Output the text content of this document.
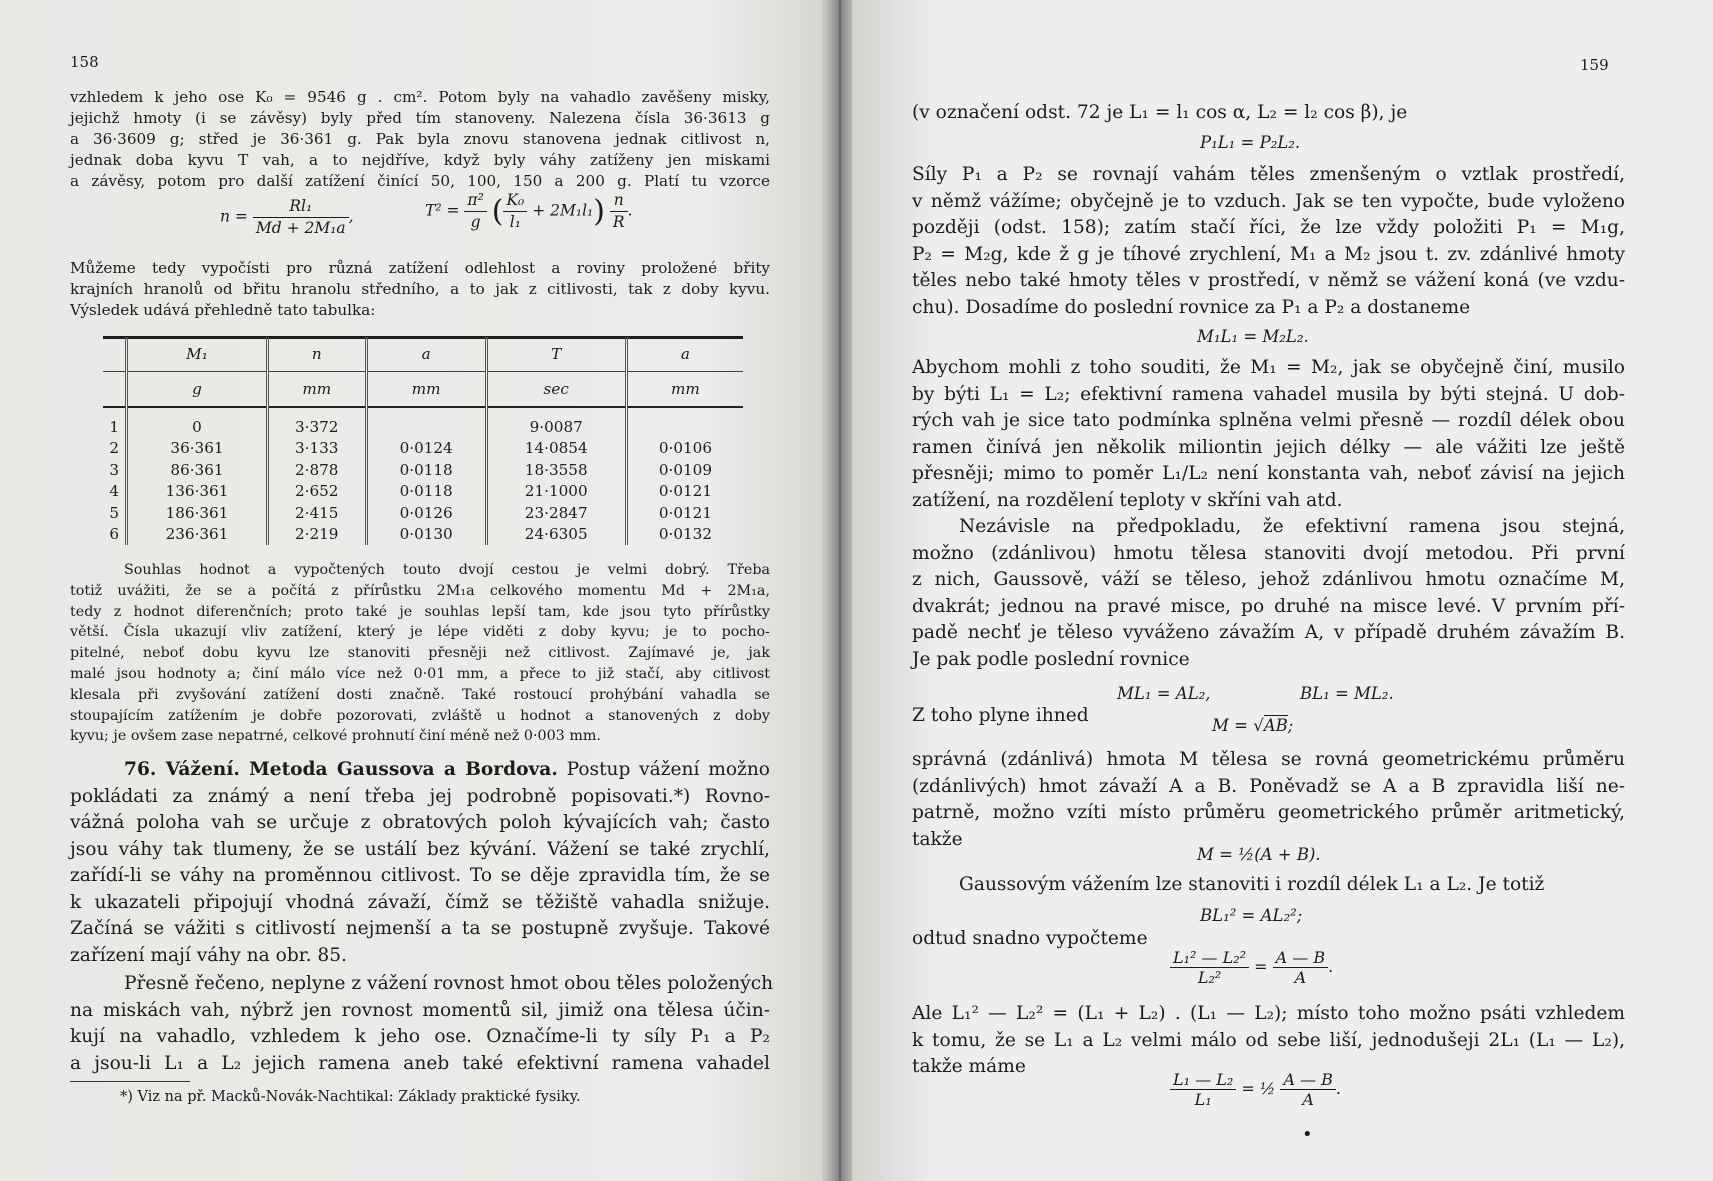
158
vzhledem k jeho ose K₀ = 9546 g . cm². Potom byly na vahadlo zavěšeny misky,
jejichž hmoty (i se závěsy) byly před tím stanoveny. Nalezena čísla 36·3613 g
a 36·3609 g; střed je 36·361 g. Pak byla znovu stanovena jednak citlivost n,
jednak doba kyvu T vah, a to nejdříve, když byly váhy zatíženy jen miskami
a závěsy, potom pro další zatížení činící 50, 100, 150 a 200 g. Platí tu vzorce
$n = \frac{\text{Rl₁}}{\text{Md + 2M₁a}}$ ,	$T^2 = \frac{\text{π²}}{g}$ ( $\frac{\text{K₀}}{\text{l₁}} + 2M_1l_1) \frac{n}{R}$ .
Můžeme tedy vypočísti pro různá zatížení odlehlost a roviny proložené břity
krajních hranolů od břitu hranolu středního, a to jak z citlivosti, tak z doby kyvu.
Výsledek udává přehledně tato tabulka:
	M₁	n	a	T	a
	g	mm	mm	sec	mm

1	0	3·372		9·0087	
2	36·361	3·133	0·0124	14·0854	0·0106
3	86·361	2·878	0·0118	18·3558	0·0109
4	136·361	2·652	0·0118	21·1000	0·0121
5	186·361	2·415	0·0126	23·2847	0·0121
6	236·361	2·219	0·0130	24·6305	0·0132
Souhlas hodnot a vypočtených touto dvojí cestou je velmi dobrý. Třeba
totiž uvážiti, že se a počítá z přírůstku 2M₁a celkového momentu Md + 2M₁a,
tedy z hodnot diferenčních; proto také je souhlas lepší tam, kde jsou tyto přírůstky
větší. Čísla ukazují vliv zatížení, který je lépe viděti z doby kyvu; je to pocho-
pitelné, neboť dobu kyvu lze stanoviti přesněji než citlivost. Zajímavé je, jak
malé jsou hodnoty a; činí málo více než 0·01 mm, a přece to již stačí, aby citlivost
klesala při zvyšování zatížení dosti značně. Také rostoucí prohýbání vahadla se
stoupajícím zatížením je dobře pozorovati, zvláště u hodnot a stanovených z doby
kyvu; je ovšem zase nepatrné, celkové prohnutí činí méně než 0·003 mm.
76. Vážení. Metoda Gaussova a Bordova. Postup vážení možno
pokládati za známý a není třeba jej podrobně popisovati.*) Rovno-
vážná poloha vah se určuje z obratových poloh kývajících vah; často
jsou váhy tak tlumeny, že se ustálí bez kývání. Vážení se také zrychlí,
zařídí-li se váhy na proměnnou citlivost. To se děje zpravidla tím, že se
k ukazateli připojují vhodná závaží, čímž se těžiště vahadla snižuje.
Začíná se vážiti s citlivostí nejmenší a ta se postupně zvyšuje. Takové
zařízení mají váhy na obr. 85.
Přesně řečeno, neplyne z vážení rovnost hmot obou těles položených
na miskách vah, nýbrž jen rovnost momentů sil, jimiž ona tělesa účin-
kují na vahadlo, vzhledem k jeho ose. Označíme-li ty síly P₁ a P₂
a jsou-li L₁ a L₂ jejich ramena aneb také efektivní ramena vahadel
*) Viz na př. Macků-Novák-Nachtikal: Základy praktické fysiky.
159
(v označení odst. 72 je L₁ = l₁ cos α, L₂ = l₂ cos β), je
P₁L₁ = P₂L₂.
Síly P₁ a P₂ se rovnají vahám těles zmenšeným o vztlak prostředí,
v němž vážíme; obyčejně je to vzduch. Jak se ten vypočte, bude vyloženo
později (odst. 158); zatím stačí říci, že lze vždy položiti P₁ = M₁g,
P₂ = M₂g, kde ž g je tíhové zrychlení, M₁ a M₂ jsou t. zv. zdánlivé hmoty
těles nebo také hmoty těles v prostředí, v němž se vážení koná (ve vzdu-
chu). Dosadíme do poslední rovnice za P₁ a P₂ a dostaneme
M₁L₁ = M₂L₂.
Abychom mohli z toho souditi, že M₁ = M₂, jak se obyčejně činí, musilo
by býti L₁ = L₂; efektivní ramena vahadel musila by býti stejná. U dob-
rých vah je sice tato podmínka splněna velmi přesně — rozdíl délek obou
ramen činívá jen několik miliontin jejich délky — ale vážiti lze ještě
přesněji; mimo to poměr L₁/L₂ není konstanta vah, neboť závisí na jejich
zatížení, na rozdělení teploty v skříni vah atd.
Nezávisle na předpokladu, že efektivní ramena jsou stejná,
možno (zdánlivou) hmotu tělesa stanoviti dvojí metodou. Při první
z nich, Gaussově, váží se těleso, jehož zdánlivou hmotu označíme M,
dvakrát; jednou na pravé misce, po druhé na misce levé. V prvním pří-
padě nechť je těleso vyváženo závažím A, v případě druhém závažím B.
Je pak podle poslední rovnice
ML₁ = AL₂,	BL₁ = ML₂.
Z toho plyne ihned	M = √AB;
správná (zdánlivá) hmota M tělesa se rovná geometrickému průměru
(zdánlivých) hmot závaží A a B. Poněvadž se A a B zpravidla liší ne-
patrně, možno vzíti místo průměru geometrického průměr aritmetický,
takže
M = ½(A + B).
Gaussovým vážením lze stanoviti i rozdíl délek L₁ a L₂. Je totiž
BL₁² = AL₂²;
odtud snadno vypočteme
$\frac{\text{L₁² — L₂²}}{\text{L₂²}} = \frac{A — B}{A}$ .
Ale L₁² — L₂² = (L₁ + L₂) . (L₁ — L₂); místo toho možno psáti vzhledem
k tomu, že se L₁ a L₂ velmi málo od sebe liší, jednodušeji 2L₁ (L₁ — L₂),
takže máme
$\frac{\text{L₁ — L₂}}{\text{L₁}}$ = ½ $\frac{A — B}{A}$ .
•
